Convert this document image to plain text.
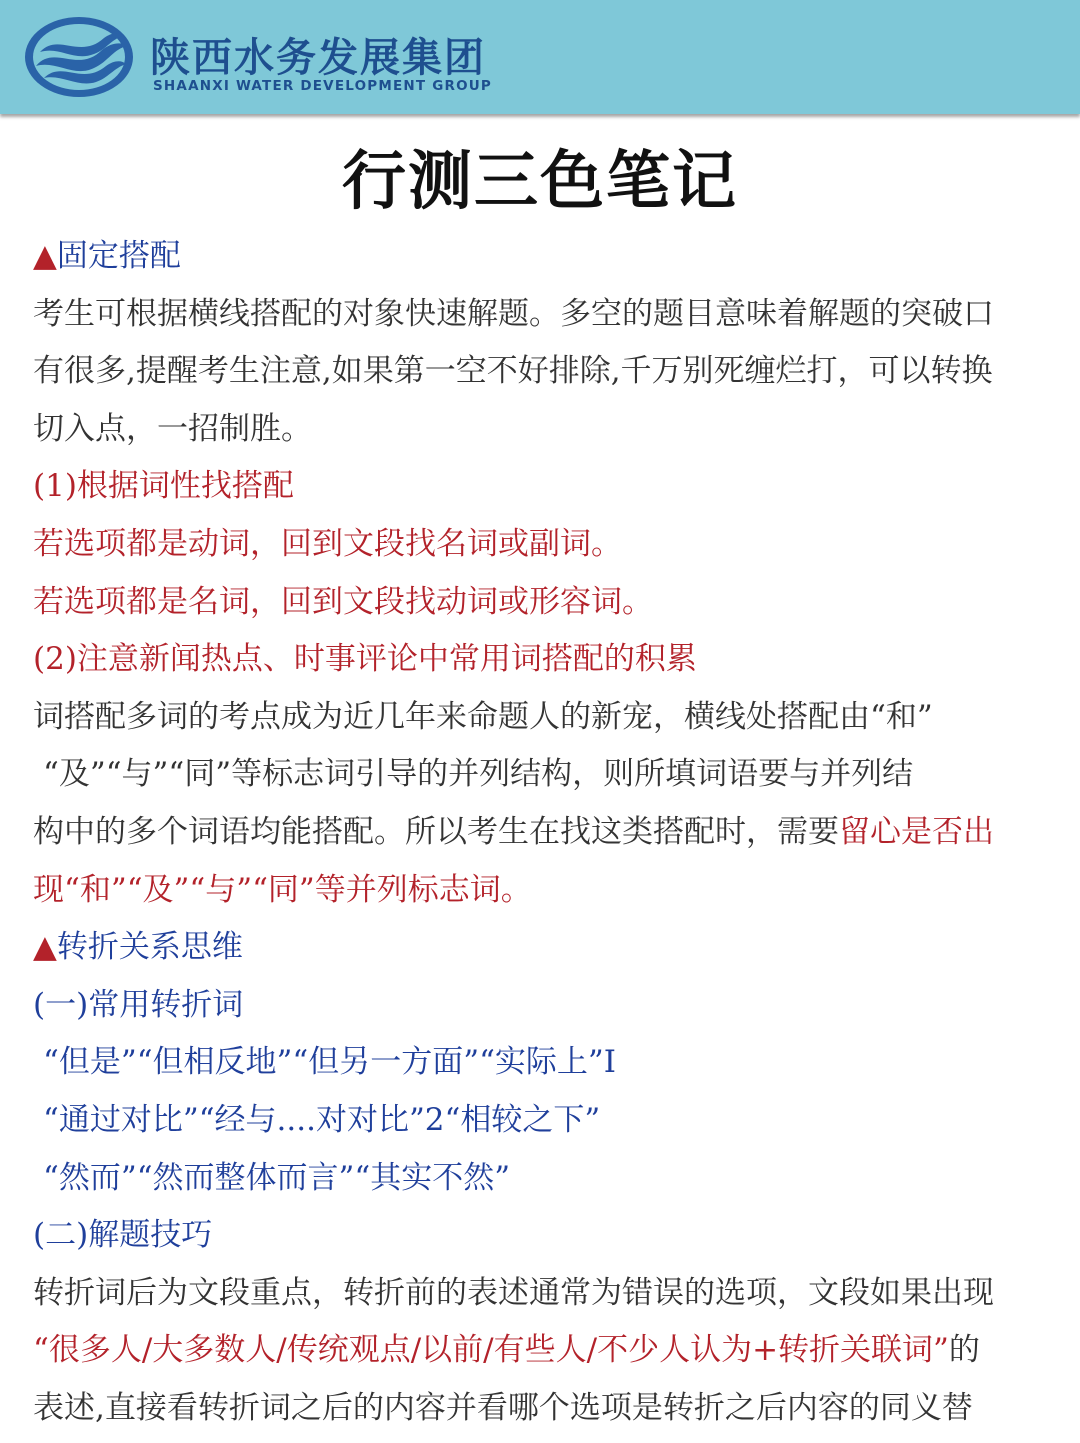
陕西水务发展集团
SHAANXI WATER DEVELOPMENT GROUP
行测三色笔记
▲固定搭配
考生可根据横线搭配的对象快速解题。多空的题目意味着解题的突破口
有很多,提醒考生注意,如果第一空不好排除,千万别死缠烂打，可以转换
切入点，一招制胜。
(1)根据词性找搭配
若选项都是动词，回到文段找名词或副词。
若选项都是名词，回到文段找动词或形容词。
(2)注意新闻热点、时事评论中常用词搭配的积累
词搭配多词的考点成为近几年来命题人的新宠，横线处搭配由“和”
“及”“与”“同”等标志词引导的并列结构，则所填词语要与并列结
构中的多个词语均能搭配。所以考生在找这类搭配时，需要留心是否出
现“和”“及”“与”“同”等并列标志词。
▲转折关系思维
(一)常用转折词
“但是”“但相反地”“但另一方面”“实际上”I
“通过对比”“经与....对对比”2“相较之下”
“然而”“然而整体而言”“其实不然”
(二)解题技巧
转折词后为文段重点，转折前的表述通常为错误的选项，文段如果出现
“很多人/大多数人/传统观点/以前/有些人/不少人认为+转折关联词”的
表述,直接看转折词之后的内容并看哪个选项是转折之后内容的同义替
